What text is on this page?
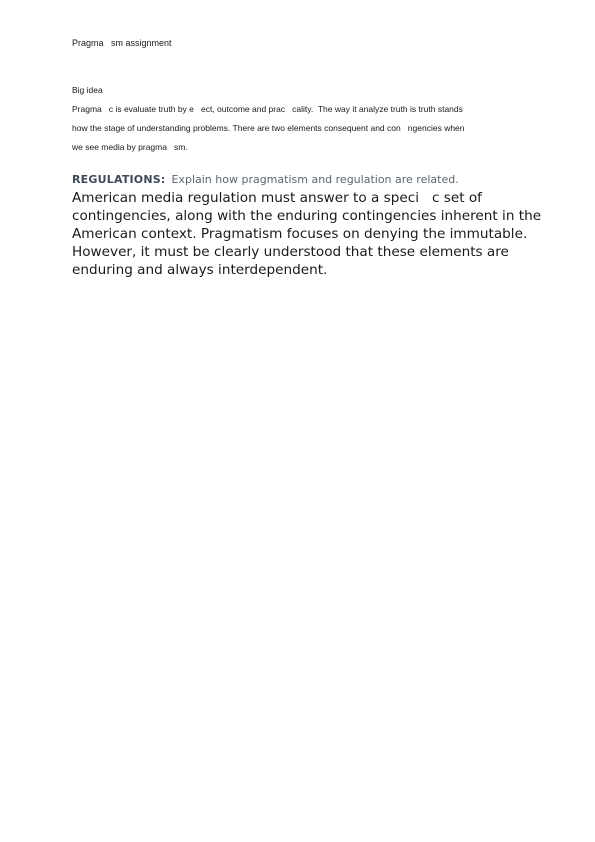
Pragma   sm assignment
Big idea
Pragma   c is evaluate truth by e   ect, outcome and prac   cality.  The way it analyze truth is truth stands
how the stage of understanding problems. There are two elements consequent and con   ngencies when
we see media by pragma   sm.
REGULATIONS: Explain how pragmatism and regulation are related.
American media regulation must answer to a speci   c set of
contingencies, along with the enduring contingencies inherent in the
American context. Pragmatism focuses on denying the immutable.
However, it must be clearly understood that these elements are
enduring and always interdependent.
